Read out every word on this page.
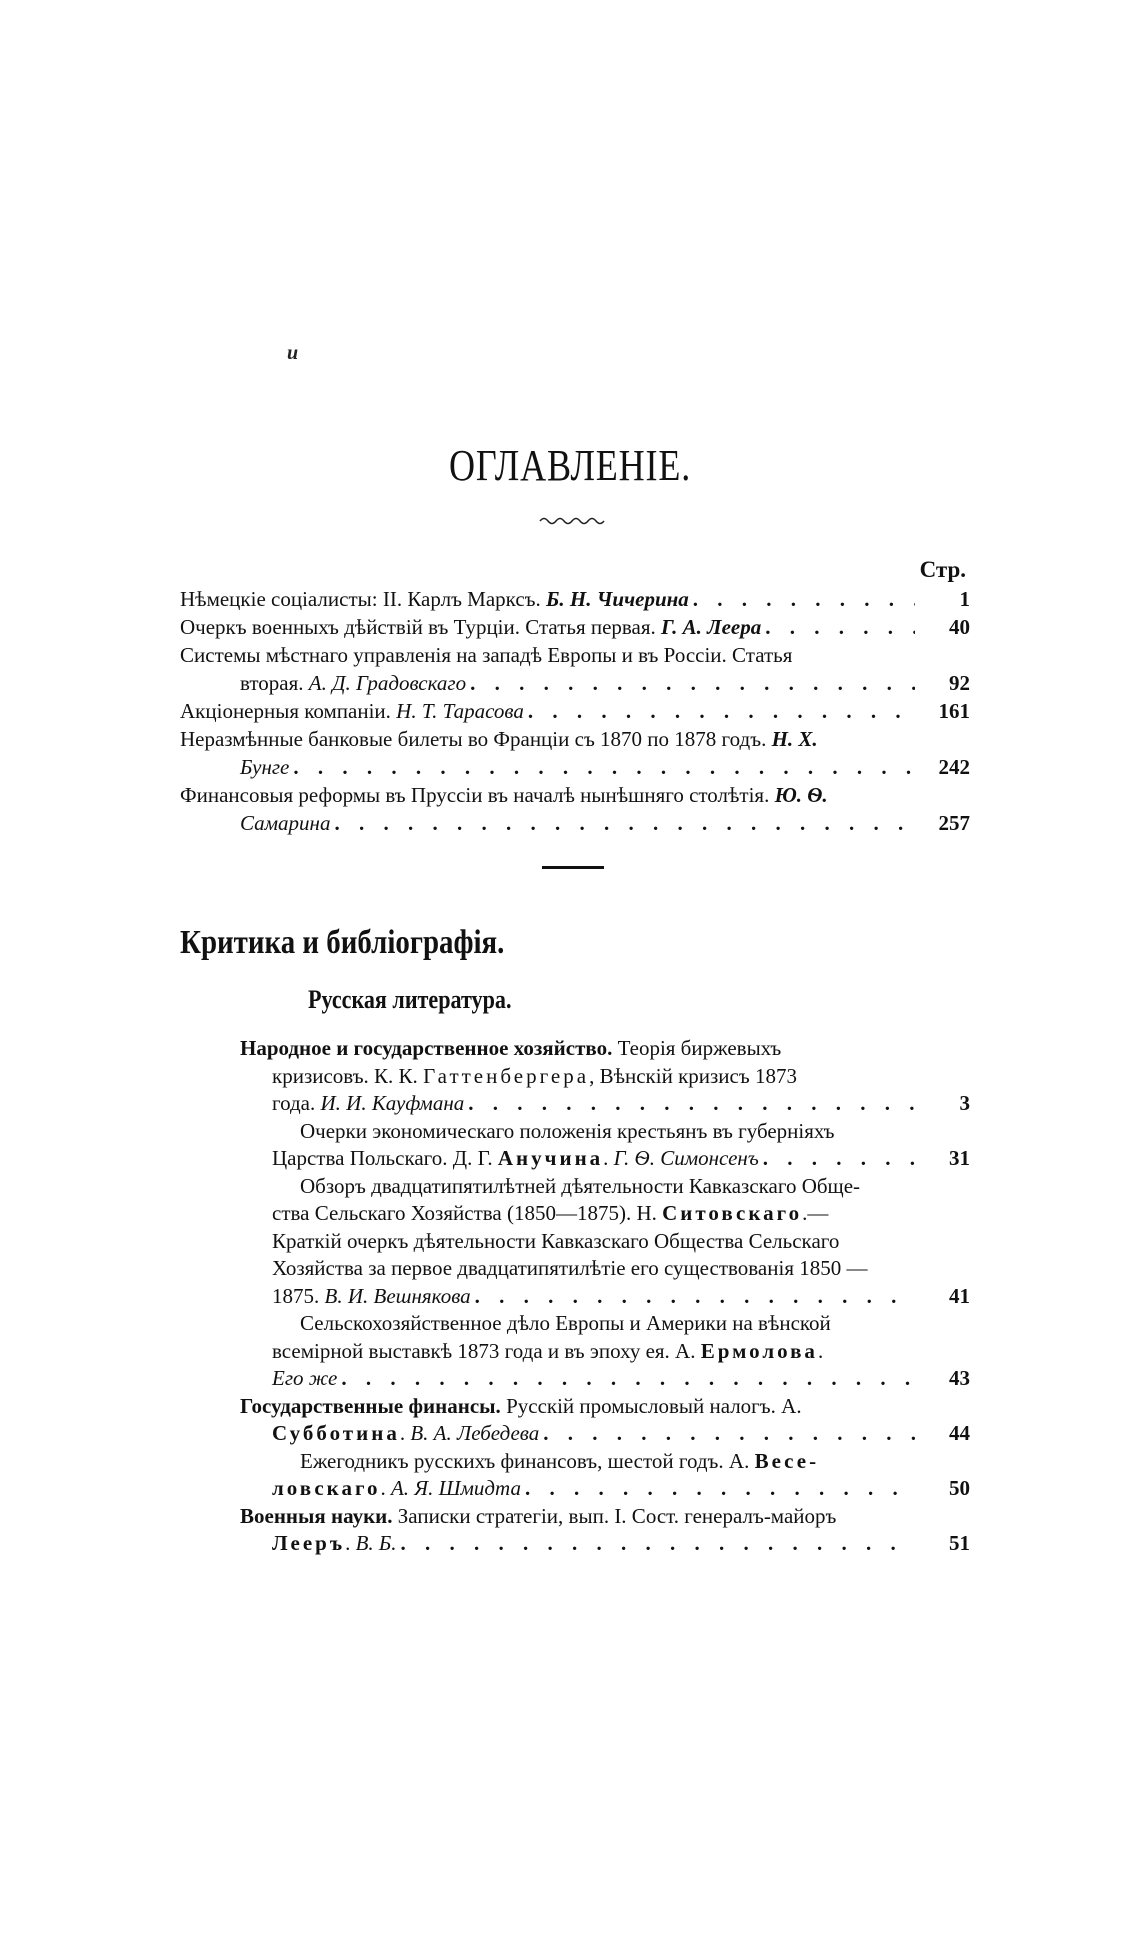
и
ОГЛАВЛЕНІЕ.
Стр.
Нѣмецкіе соціалисты: II. Карлъ Марксъ. Б. Н. Чичерина . . .	1
Очеркъ военныхъ дѣйствій въ Турціи. Статья первая. Г. А. Леера . . .	40
Системы мѣстнаго управленія на западѣ Европы и въ Россіи. Статья
вторая. А. Д. Градовскаго . . .	92
Акціонерныя компаніи. Н. Т. Тарасова . . .	161
Неразмѣнные банковые билеты во Франціи съ 1870 по 1878 годъ. Н. Х.
Бунге . . .	242
Финансовыя реформы въ Пруссіи въ началѣ нынѣшняго столѣтія. Ю. Ѳ.
Самарина . . .	257
Критика и библіографія.
Русская литература.
Народное и государственное хозяйство. Теорія биржевыхъ
кризисовъ. К. К. Гаттенбергера, Вѣнскій кризисъ 1873
года. И. И. Кауфмана . . .	3
Очерки экономическаго положенія крестьянъ въ губерніяхъ
Царства Польскаго. Д. Г. Анучина. Г. Ѳ. Симонсенъ . . .	31
Обзоръ двадцатипятилѣтней дѣятельности Кавказскаго Обще-
ства Сельскаго Хозяйства (1850—1875). Н. Ситовскаго.—
Краткій очеркъ дѣятельности Кавказскаго Общества Сельскаго
Хозяйства за первое двадцатипятилѣтіе его существованія 1850 —
1875. В. И. Вешнякова . . .	41
Сельскохозяйственное дѣло Европы и Америки на вѣнской
всемірной выставкѣ 1873 года и въ эпоху ея. А. Ермолова.
Его же . . .	43
Государственные финансы. Русскій промысловый налогъ. А.
Субботина. В. А. Лебедева . . .	44
Ежегодникъ русскихъ финансовъ, шестой годъ. А. Весе-
ловскаго. А. Я. Шмидта . . .	50
Военныя науки. Записки стратегіи, вып. I. Сост. генералъ-майоръ
Лееръ. В. Б. . . .	51
